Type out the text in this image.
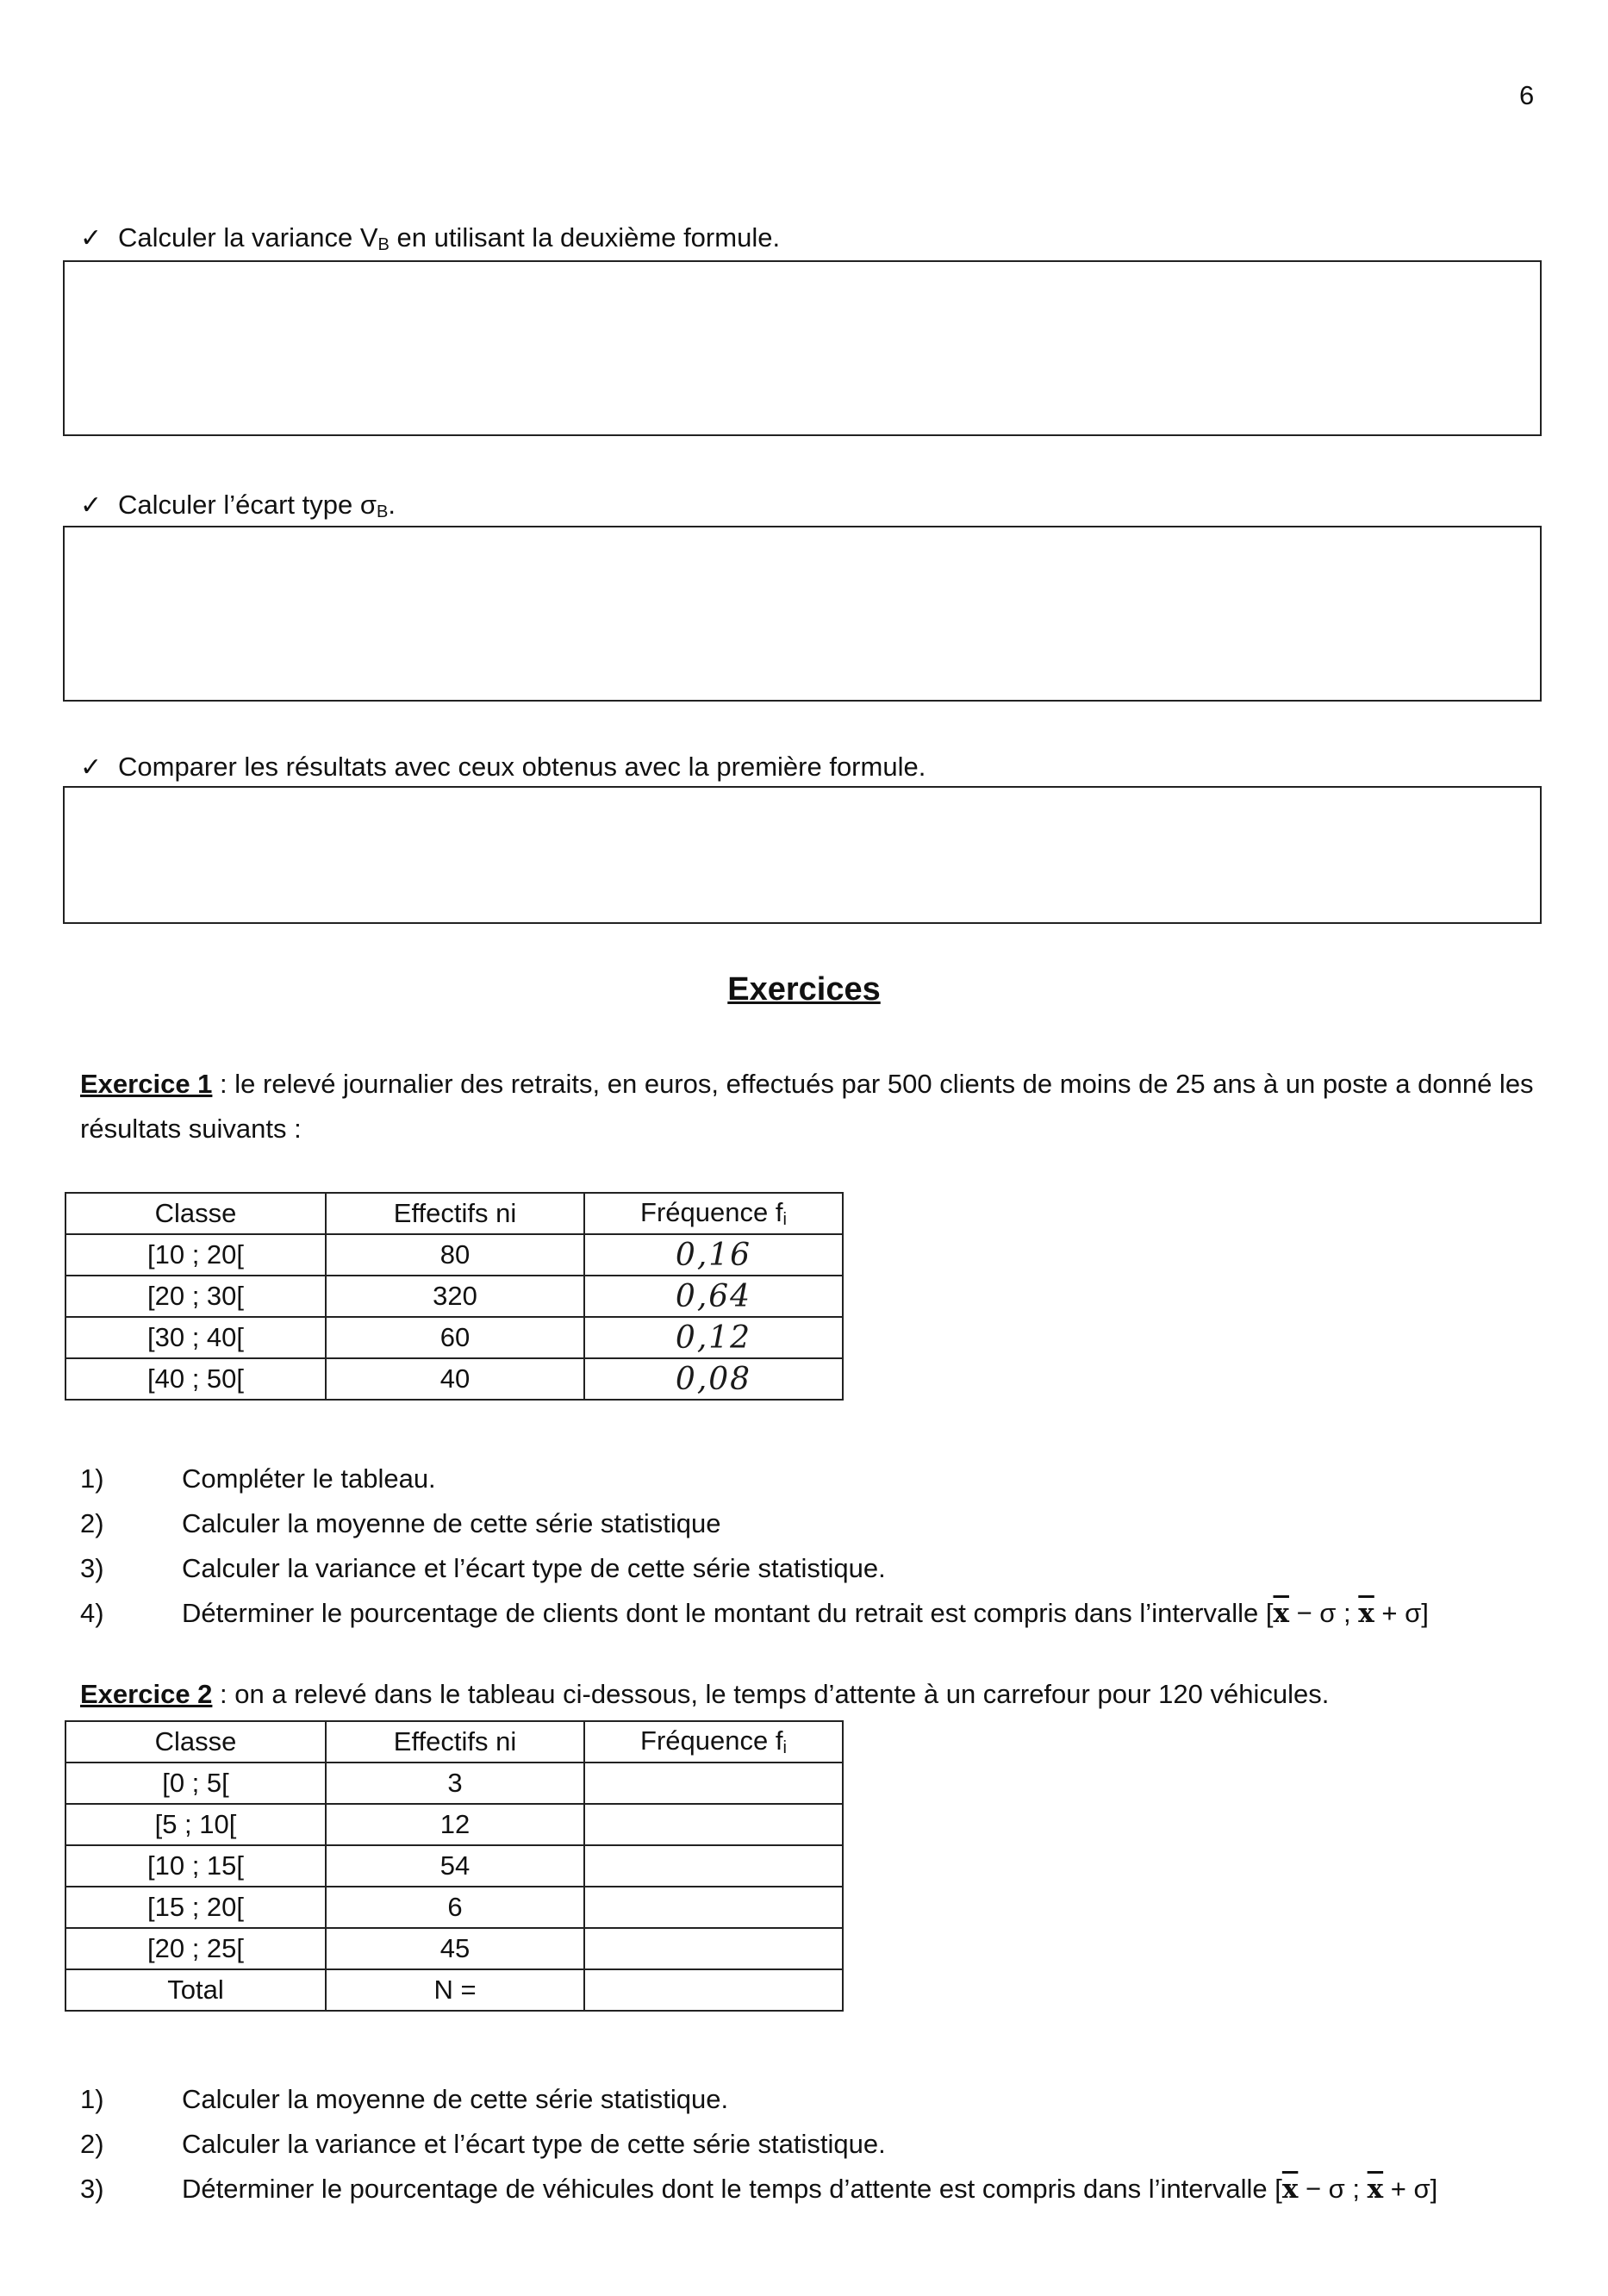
6
✓ Calculer la variance $V_B$ en utilisant la deuxième formule.
✓ Calculer l’écart type $\sigma_B$.
✓ Comparer les résultats avec ceux obtenus avec la première formule.
Exercices
Exercice 1 : le relevé journalier des retraits, en euros, effectués par 500 clients de moins de 25 ans à un poste a donné les résultats suivants :
Classe	Effectifs ni	Fréquence $f_i$
[10 ; 20[	80	0,16
[20 ; 30[	320	0,64
[30 ; 40[	60	0,12
[40 ; 50[	40	0,08
1)	Compléter le tableau.
2)	Calculer la moyenne de cette série statistique
3)	Calculer la variance et l’écart type de cette série statistique.
4)	Déterminer le pourcentage de clients dont le montant du retrait est compris dans l’intervalle [$\overline{x} - \sigma$ ; $\overline{x} + \sigma$]
Exercice 2 : on a relevé dans le tableau ci-dessous, le temps d’attente à un carrefour pour 120 véhicules.
Classe	Effectifs ni	Fréquence $f_i$
[0 ; 5[	3	
[5 ; 10[	12	
[10 ; 15[	54	
[15 ; 20[	6	
[20 ; 25[	45	
Total	N =	
1)	Calculer la moyenne de cette série statistique.
2)	Calculer la variance et l’écart type de cette série statistique.
3)	Déterminer le pourcentage de véhicules dont le temps d’attente est compris dans l’intervalle [$\overline{x} - \sigma$ ; $\overline{x} + \sigma$]
